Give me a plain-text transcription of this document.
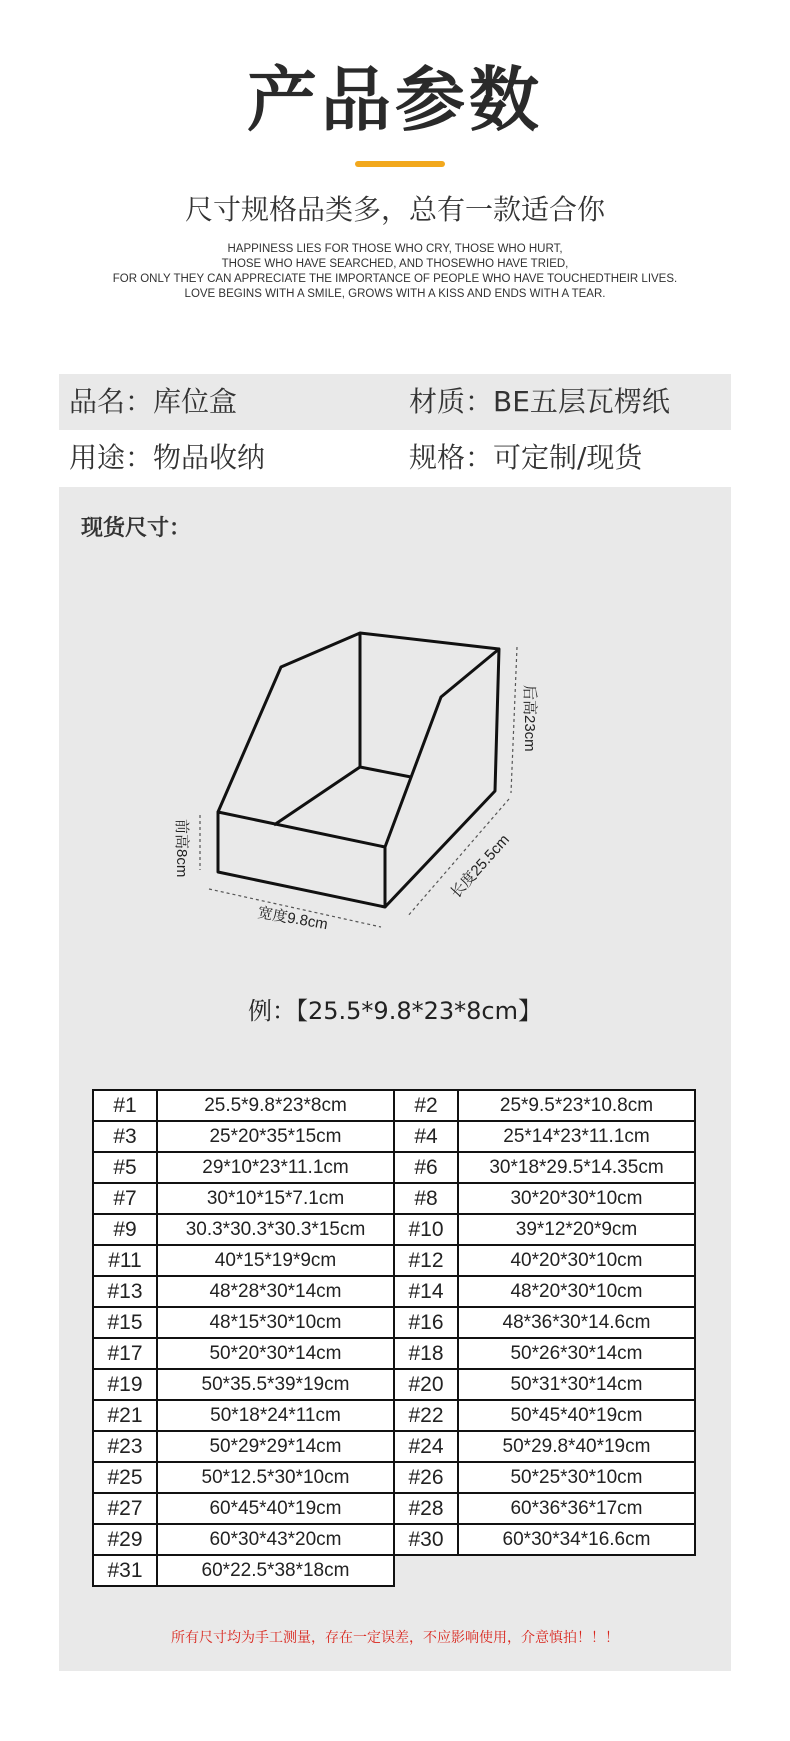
产品参数
尺寸规格品类多，总有一款适合你
HAPPINESS LIES FOR THOSE WHO CRY, THOSE WHO HURT,
THOSE WHO HAVE SEARCHED, AND THOSEWHO HAVE TRIED,
FOR ONLY THEY CAN APPRECIATE THE IMPORTANCE OF PEOPLE WHO HAVE TOUCHEDTHEIR LIVES.
LOVE BEGINS WITH A SMILE, GROWS WITH A KISS AND ENDS WITH A TEAR.
品名：库位盒	材质：BE五层瓦楞纸
用途：物品收纳	规格：可定制/现货
现货尺寸：
后高23cm
前高8cm	长度25.5cm
宽度9.8cm
例：【25.5*9.8*23*8cm】
#1	25.5*9.8*23*8cm	#2	25*9.5*23*10.8cm
#3	25*20*35*15cm	#4	25*14*23*11.1cm
#5	29*10*23*11.1cm	#6	30*18*29.5*14.35cm
#7	30*10*15*7.1cm	#8	30*20*30*10cm
#9	30.3*30.3*30.3*15cm	#10	39*12*20*9cm
#11	40*15*19*9cm	#12	40*20*30*10cm
#13	48*28*30*14cm	#14	48*20*30*10cm
#15	48*15*30*10cm	#16	48*36*30*14.6cm
#17	50*20*30*14cm	#18	50*26*30*14cm
#19	50*35.5*39*19cm	#20	50*31*30*14cm
#21	50*18*24*11cm	#22	50*45*40*19cm
#23	50*29*29*14cm	#24	50*29.8*40*19cm
#25	50*12.5*30*10cm	#26	50*25*30*10cm
#27	60*45*40*19cm	#28	60*36*36*17cm
#29	60*30*43*20cm	#30	60*30*34*16.6cm
#31	60*22.5*38*18cm		
所有尺寸均为手工测量，存在一定误差，不应影响使用，介意慎拍！！！
